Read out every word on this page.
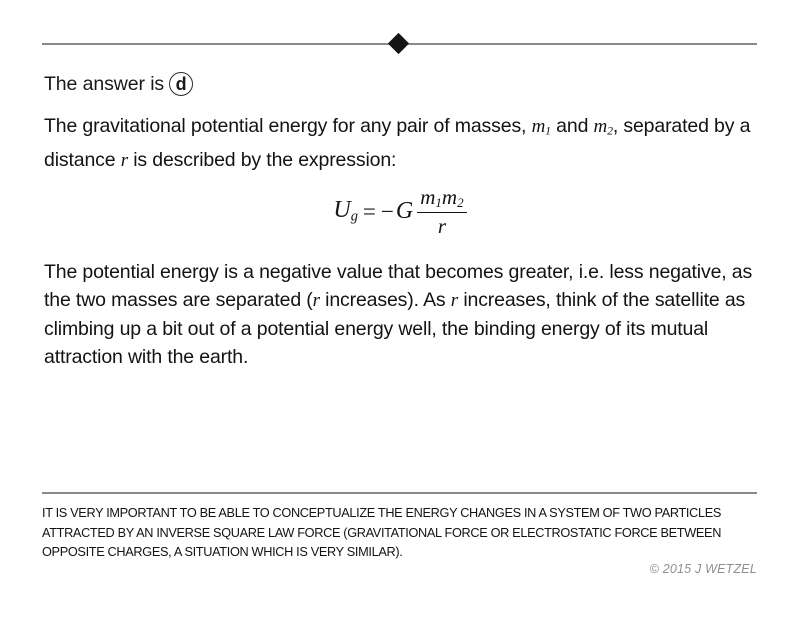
The answer is d
The gravitational potential energy for any pair of masses, $m_1$ and $m_2$, separated by a distance r is described by the expression:
$U_g = -G \frac{m_1m_2}{r}$
The potential energy is a negative value that becomes greater, i.e. less negative, as the two masses are separated (r increases). As r increases, think of the satellite as climbing up a bit out of a potential energy well, the binding energy of its mutual attraction with the earth.
IT IS VERY IMPORTANT TO BE ABLE TO CONCEPTUALIZE THE ENERGY CHANGES IN A SYSTEM OF TWO PARTICLES ATTRACTED BY AN INVERSE SQUARE LAW FORCE (GRAVITATIONAL FORCE OR ELECTROSTATIC FORCE BETWEEN OPPOSITE CHARGES, A SITUATION WHICH IS VERY SIMILAR).
© 2015 J WETZEL
